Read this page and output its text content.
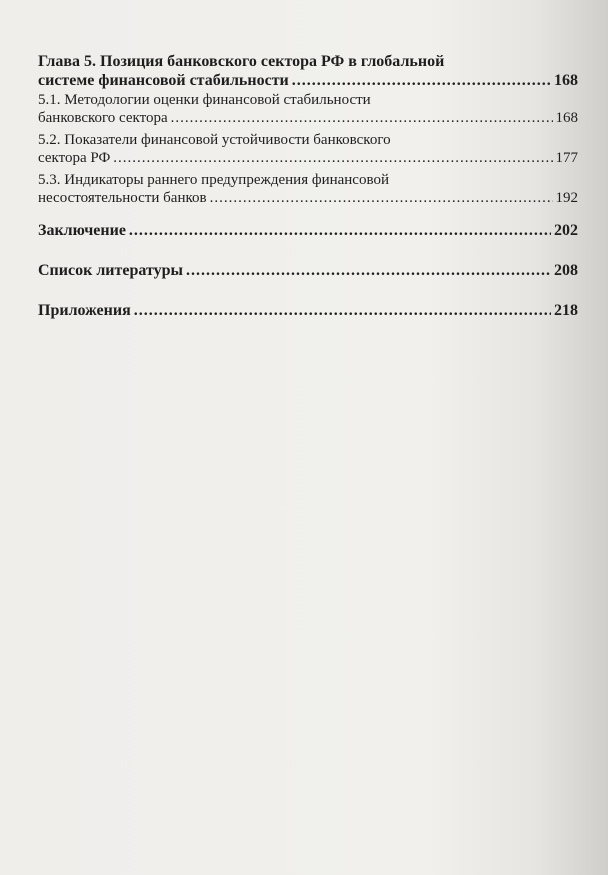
Глава 5. Позиция банковского сектора РФ в глобальной
системе финансовой стабильности .....	168
5.1. Методологии оценки финансовой стабильности
банковского сектора .....	168
5.2. Показатели финансовой устойчивости банковского
сектора РФ .....	177
5.3. Индикаторы раннего предупреждения финансовой
несостоятельности банков .....	192
Заключение .....	202
Список литературы .....	208
Приложения .....	218
